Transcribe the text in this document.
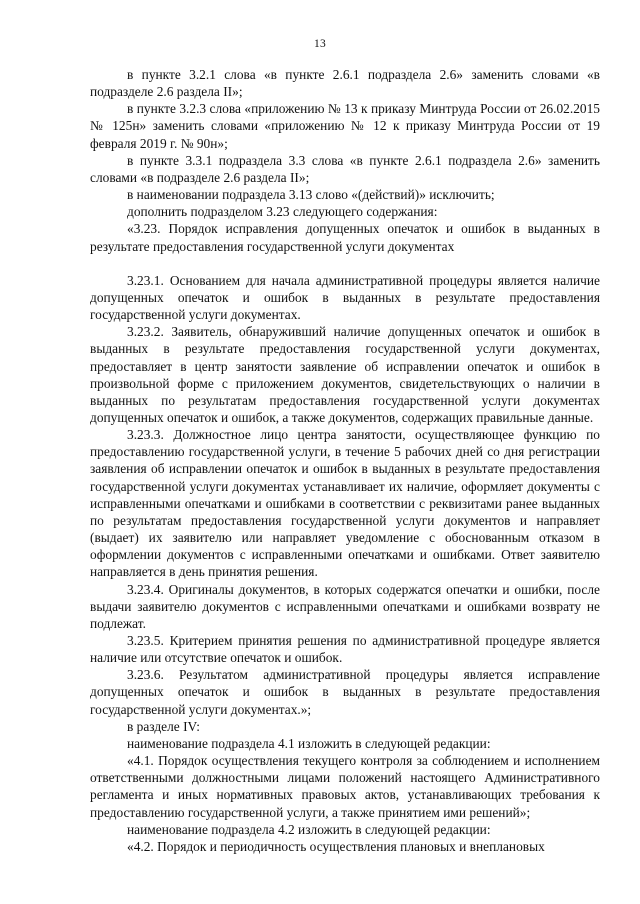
13

в пункте 3.2.1 слова «в пункте 2.6.1 подраздела 2.6» заменить словами «в подразделе 2.6 раздела II»;

в пункте 3.2.3 слова «приложению № 13 к приказу Минтруда России от 26.02.2015 № 125н» заменить словами «приложению № 12 к приказу Минтруда России от 19 февраля 2019 г. № 90н»;

в пункте 3.3.1 подраздела 3.3 слова «в пункте 2.6.1 подраздела 2.6» заменить словами «в подразделе 2.6 раздела II»;

в наименовании подраздела 3.13 слово «(действий)» исключить;

дополнить подразделом 3.23 следующего содержания:

«3.23. Порядок исправления допущенных опечаток и ошибок в выданных в результате предоставления государственной услуги документах

3.23.1. Основанием для начала административной процедуры является наличие допущенных опечаток и ошибок в выданных в результате предоставления государственной услуги документах.

3.23.2. Заявитель, обнаруживший наличие допущенных опечаток и ошибок в выданных в результате предоставления государственной услуги документах, предоставляет в центр занятости заявление об исправлении опечаток и ошибок в произвольной форме с приложением документов, свидетельствующих о наличии в выданных по результатам предоставления государственной услуги документах допущенных опечаток и ошибок, а также документов, содержащих правильные данные.

3.23.3. Должностное лицо центра занятости, осуществляющее функцию по предоставлению государственной услуги, в течение 5 рабочих дней со дня регистрации заявления об исправлении опечаток и ошибок в выданных в результате предоставления государственной услуги документах устанавливает их наличие, оформляет документы с исправленными опечатками и ошибками в соответствии с реквизитами ранее выданных по результатам предоставления государственной услуги документов и направляет (выдает) их заявителю или направляет уведомление с обоснованным отказом в оформлении документов с исправленными опечатками и ошибками. Ответ заявителю направляется в день принятия решения.

3.23.4. Оригиналы документов, в которых содержатся опечатки и ошибки, после выдачи заявителю документов с исправленными опечатками и ошибками возврату не подлежат.

3.23.5. Критерием принятия решения по административной процедуре является наличие или отсутствие опечаток и ошибок.

3.23.6. Результатом административной процедуры является исправление допущенных опечаток и ошибок в выданных в результате предоставления государственной услуги документах.»;

в разделе IV:

наименование подраздела 4.1 изложить в следующей редакции:

«4.1. Порядок осуществления текущего контроля за соблюдением и исполнением ответственными должностными лицами положений настоящего Административного регламента и иных нормативных правовых актов, устанавливающих требования к предоставлению государственной услуги, а также принятием ими решений»;

наименование подраздела 4.2 изложить в следующей редакции:

«4.2. Порядок и периодичность осуществления плановых и внеплановых
